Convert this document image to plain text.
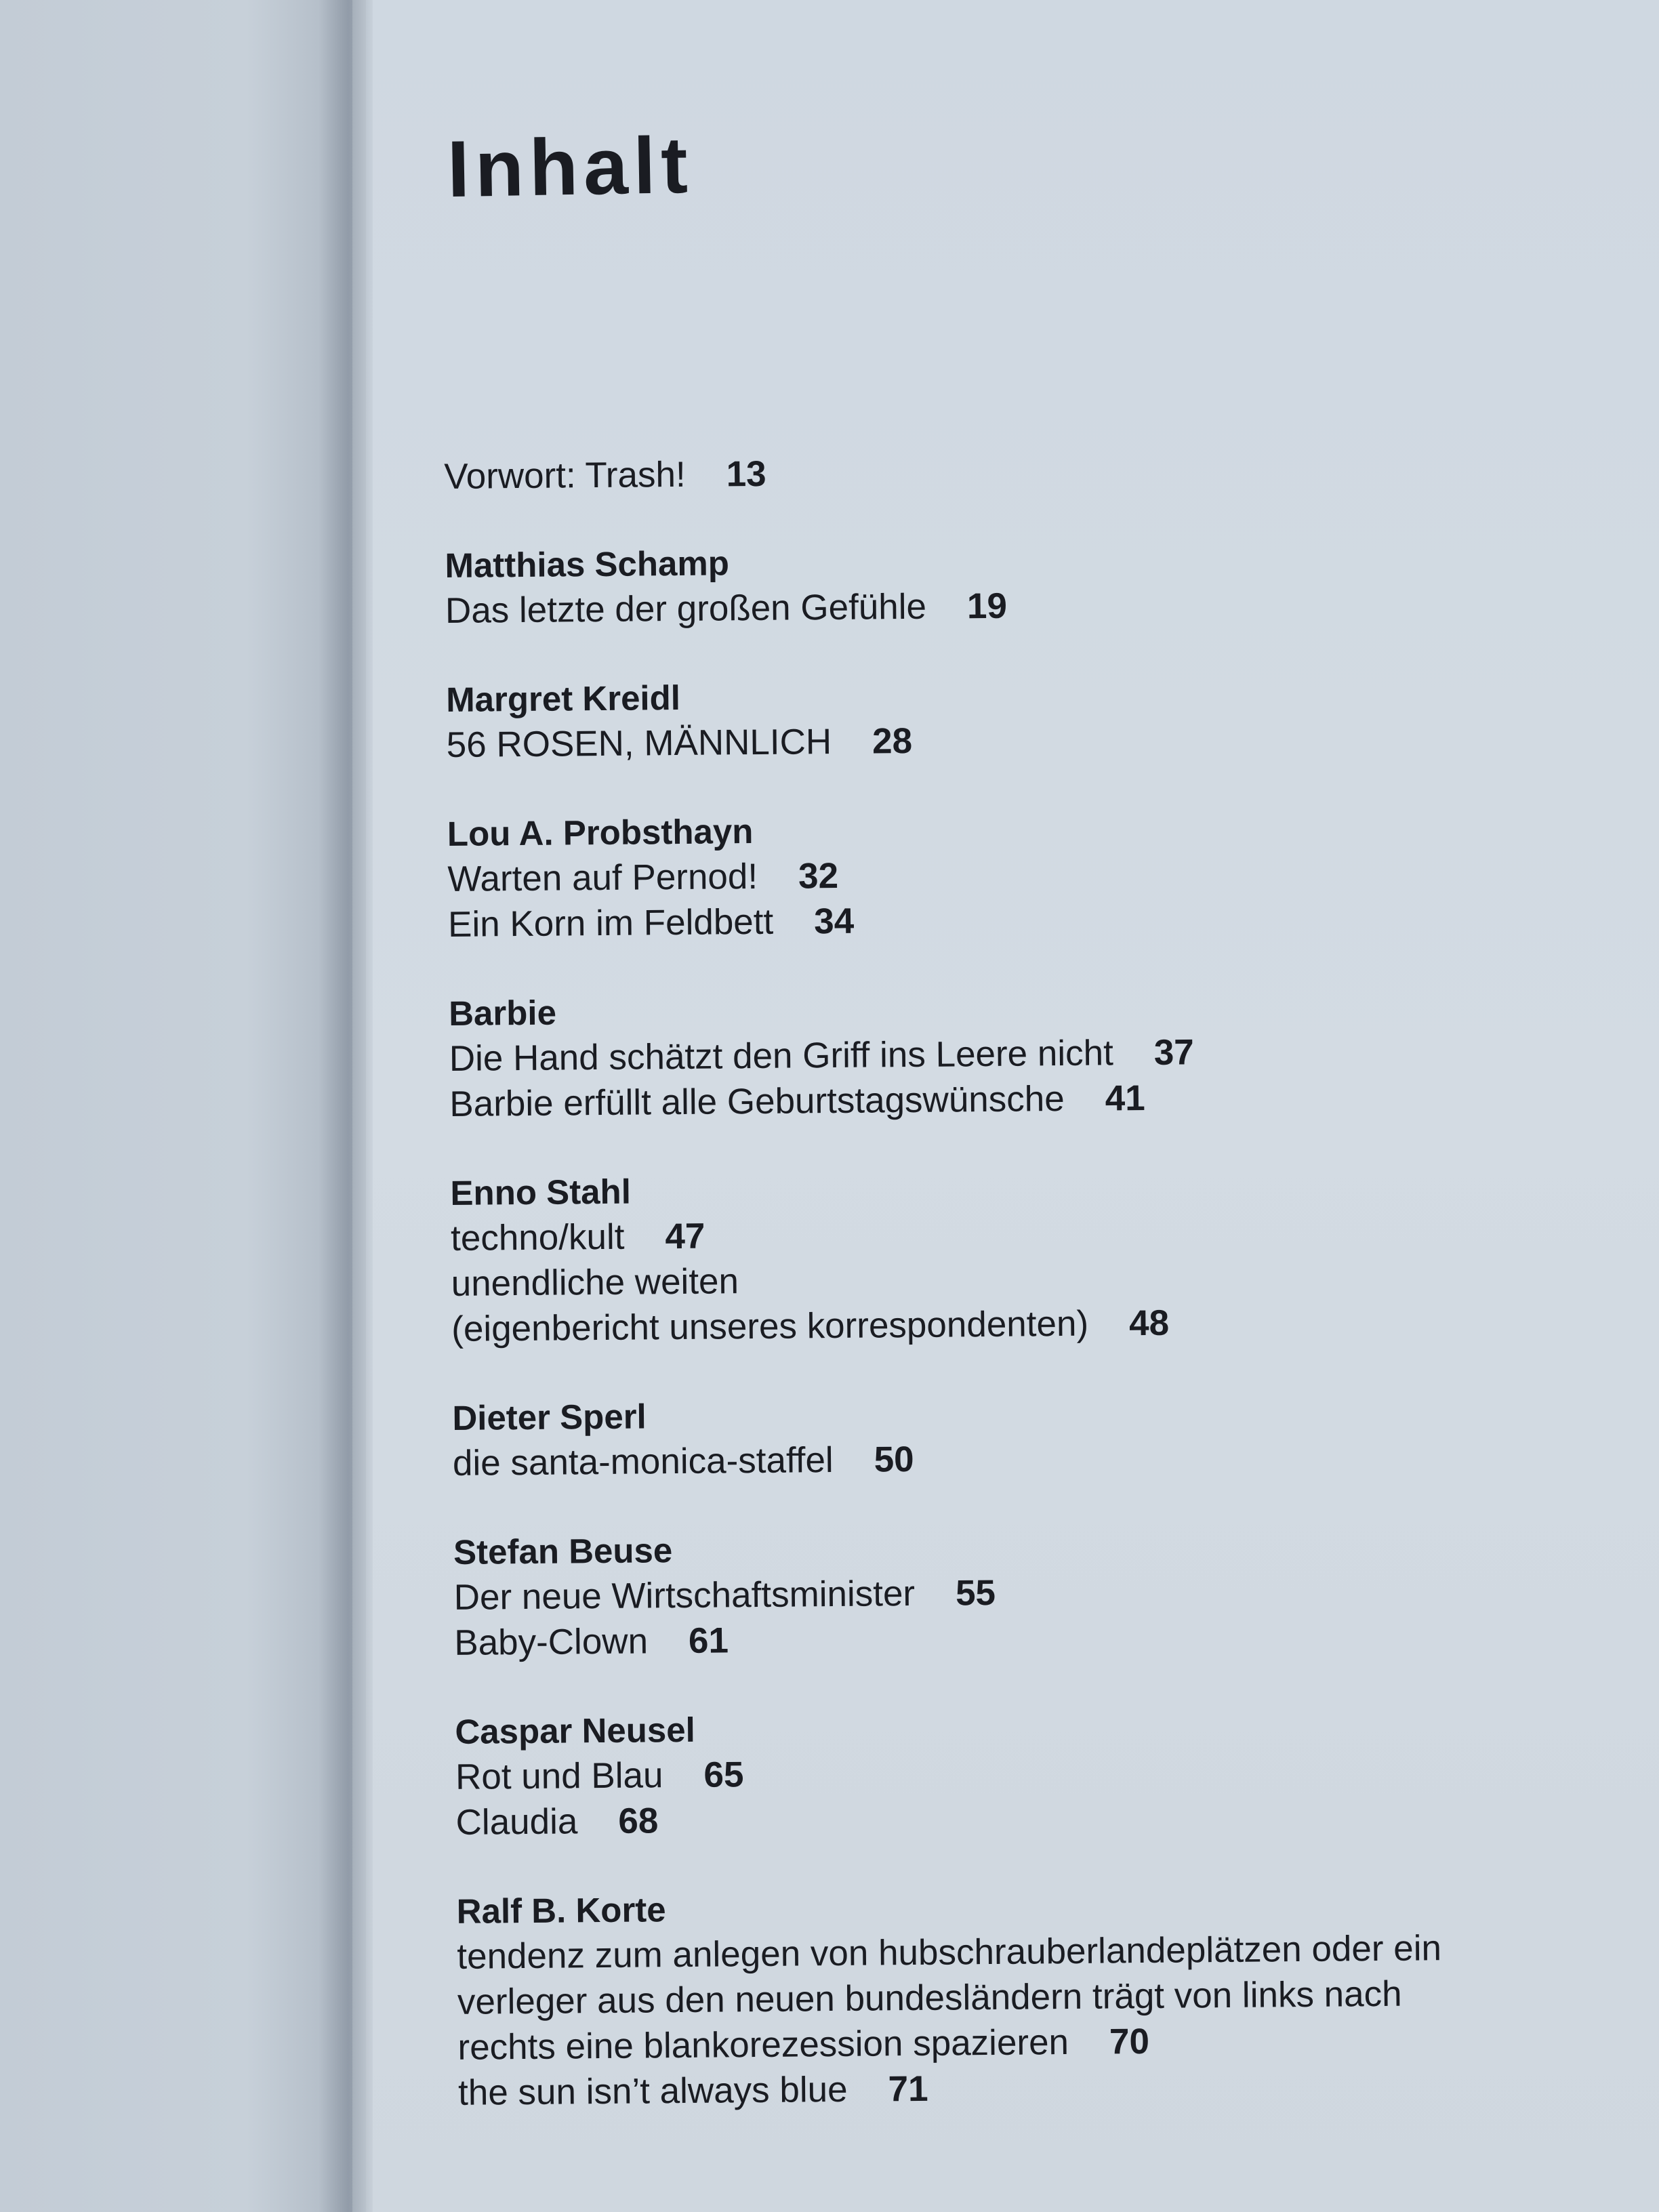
Inhalt
Vorwort: Trash! 13
Matthias Schamp
Das letzte der großen Gefühle 19
Margret Kreidl
56 ROSEN, MÄNNLICH 28
Lou A. Probsthayn
Warten auf Pernod! 32
Ein Korn im Feldbett 34
Barbie
Die Hand schätzt den Griff ins Leere nicht 37
Barbie erfüllt alle Geburtstagswünsche 41
Enno Stahl
techno/kult 47
unendliche weiten
(eigenbericht unseres korrespondenten) 48
Dieter Sperl
die santa-monica-staffel 50
Stefan Beuse
Der neue Wirtschaftsminister 55
Baby-Clown 61
Caspar Neusel
Rot und Blau 65
Claudia 68
Ralf B. Korte
tendenz zum anlegen von hubschrauberlandeplätzen oder ein
verleger aus den neuen bundesländern trägt von links nach
rechts eine blankorezession spazieren 70
the sun isn’t always blue 71
